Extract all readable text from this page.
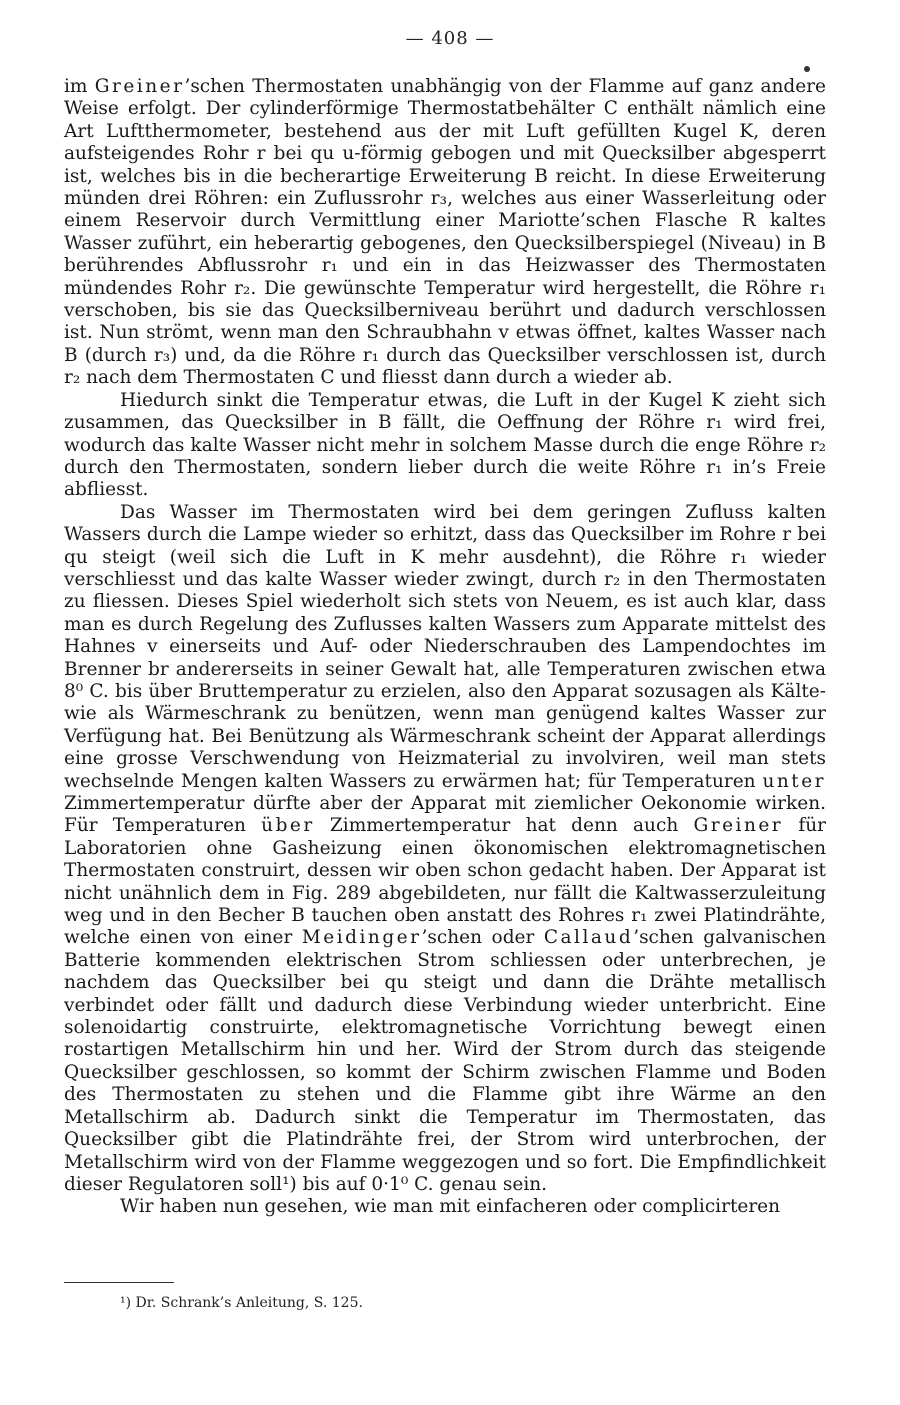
— 408 —

im Greiner’schen Thermostaten unabhängig von der Flamme auf ganz andere Weise erfolgt. Der cylinderförmige Thermostatbehälter C enthält nämlich eine Art Luftthermometer, bestehend aus der mit Luft gefüllten Kugel K, deren aufsteigendes Rohr r bei qu u-förmig gebogen und mit Quecksilber abgesperrt ist, welches bis in die becherartige Erweiterung B reicht. In diese Erweiterung münden drei Röhren: ein Zuflussrohr r₃, welches aus einer Wasserleitung oder einem Reservoir durch Vermittlung einer Mariotte’schen Flasche R kaltes Wasser zuführt, ein heberartig gebogenes, den Quecksilberspiegel (Niveau) in B berührendes Abflussrohr r₁ und ein in das Heizwasser des Thermostaten mündendes Rohr r₂. Die gewünschte Temperatur wird hergestellt, die Röhre r₁ verschoben, bis sie das Quecksilberniveau berührt und dadurch verschlossen ist. Nun strömt, wenn man den Schraubhahn v etwas öffnet, kaltes Wasser nach B (durch r₃) und, da die Röhre r₁ durch das Quecksilber verschlossen ist, durch r₂ nach dem Thermostaten C und fliesst dann durch a wieder ab.

Hiedurch sinkt die Temperatur etwas, die Luft in der Kugel K zieht sich zusammen, das Quecksilber in B fällt, die Oeffnung der Röhre r₁ wird frei, wodurch das kalte Wasser nicht mehr in solchem Masse durch die enge Röhre r₂ durch den Thermostaten, sondern lieber durch die weite Röhre r₁ in’s Freie abfliesst.

Das Wasser im Thermostaten wird bei dem geringen Zufluss kalten Wassers durch die Lampe wieder so erhitzt, dass das Quecksilber im Rohre r bei qu steigt (weil sich die Luft in K mehr ausdehnt), die Röhre r₁ wieder verschliesst und das kalte Wasser wieder zwingt, durch r₂ in den Thermostaten zu fliessen. Dieses Spiel wiederholt sich stets von Neuem, es ist auch klar, dass man es durch Regelung des Zuflusses kalten Wassers zum Apparate mittelst des Hahnes v einerseits und Auf- oder Niederschrauben des Lampendochtes im Brenner br andererseits in seiner Gewalt hat, alle Temperaturen zwischen etwa 8⁰ C. bis über Bruttemperatur zu erzielen, also den Apparat sozusagen als Kälte- wie als Wärmeschrank zu benützen, wenn man genügend kaltes Wasser zur Verfügung hat. Bei Benützung als Wärmeschrank scheint der Apparat allerdings eine grosse Verschwendung von Heizmaterial zu involviren, weil man stets wechselnde Mengen kalten Wassers zu erwärmen hat; für Temperaturen unter Zimmertemperatur dürfte aber der Apparat mit ziemlicher Oekonomie wirken. Für Temperaturen über Zimmertemperatur hat denn auch Greiner für Laboratorien ohne Gasheizung einen ökonomischen elektromagnetischen Thermostaten construirt, dessen wir oben schon gedacht haben. Der Apparat ist nicht unähnlich dem in Fig. 289 abgebildeten, nur fällt die Kaltwasserzuleitung weg und in den Becher B tauchen oben anstatt des Rohres r₁ zwei Platindrähte, welche einen von einer Meidinger’schen oder Callaud’schen galvanischen Batterie kommenden elektrischen Strom schliessen oder unterbrechen, je nachdem das Quecksilber bei qu steigt und dann die Drähte metallisch verbindet oder fällt und dadurch diese Verbindung wieder unterbricht. Eine solenoidartig construirte, elektromagnetische Vorrichtung bewegt einen rostartigen Metallschirm hin und her. Wird der Strom durch das steigende Quecksilber geschlossen, so kommt der Schirm zwischen Flamme und Boden des Thermostaten zu stehen und die Flamme gibt ihre Wärme an den Metallschirm ab. Dadurch sinkt die Temperatur im Thermostaten, das Quecksilber gibt die Platindrähte frei, der Strom wird unterbrochen, der Metallschirm wird von der Flamme weggezogen und so fort. Die Empfindlichkeit dieser Regulatoren soll¹) bis auf 0·1⁰ C. genau sein.

Wir haben nun gesehen, wie man mit einfacheren oder complicirteren

¹) Dr. Schrank’s Anleitung, S. 125.
